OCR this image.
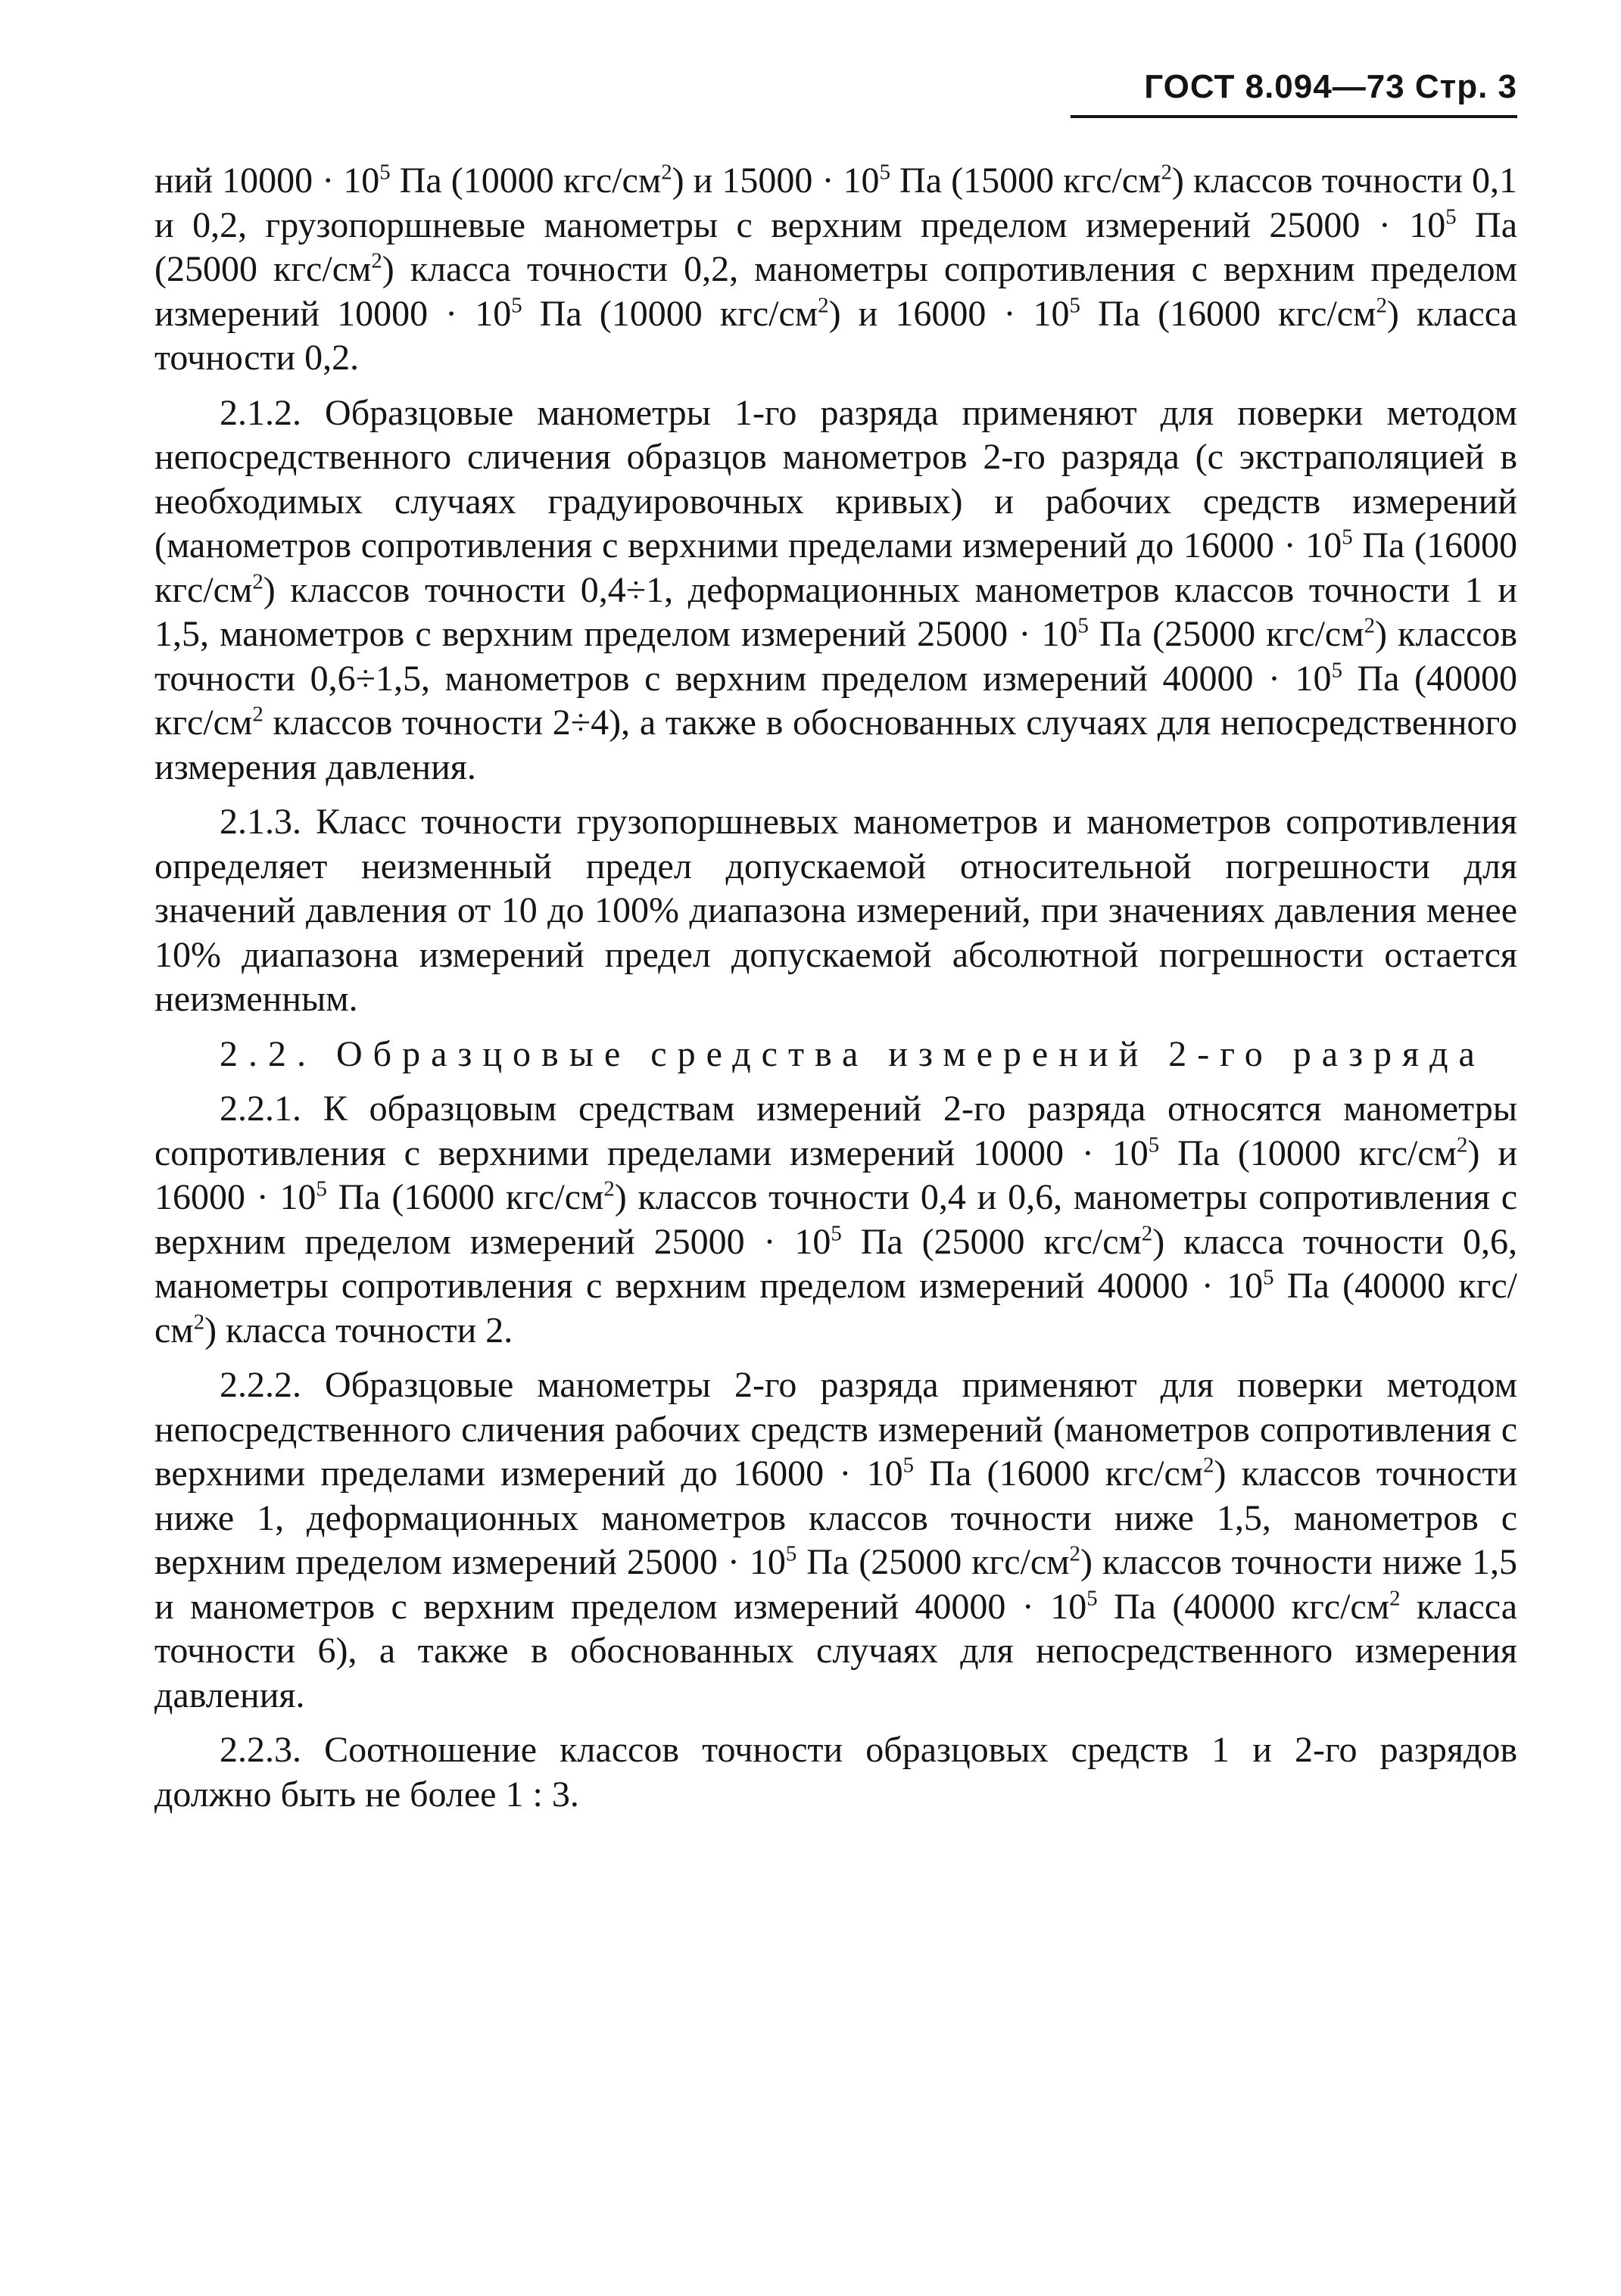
ГОСТ 8.094—73 Стр. 3

ний $10000 \cdot 10^5$ Па (10000 кгс/$см^2$) и $15000 \cdot 10^5$ Па (15000 кгс/$см^2$) классов точности 0,1 и 0,2, грузопоршневые манометры с верхним пределом измерений $25000 \cdot 10^5$ Па (25000 кгс/$см^2$) класса точности 0,2, манометры сопротивления с верхним пределом измерений $10000 \cdot 10^5$ Па (10000 кгс/$см^2$) и $16000 \cdot 10^5$ Па (16000 кгс/$см^2$) класса точности 0,2.

2.1.2. Образцовые манометры 1-го разряда применяют для поверки методом непосредственного сличения образцов манометров 2-го разряда (с экстраполяцией в необходимых случаях градуировочных кривых) и рабочих средств измерений (манометров сопротивления с верхними пределами измерений до $16000 \cdot 10^5$ Па (16000 кгс/$см^2$) классов точности 0,4÷1, деформационных манометров классов точности 1 и 1,5, манометров с верхним пределом измерений $25000 \cdot 10^5$ Па (25000 кгс/$см^2$) классов точности 0,6÷1,5, манометров с верхним пределом измерений $40000 \cdot 10^5$ Па (40000 кгс/$см^2$ классов точности 2÷4), а также в обоснованных случаях для непосредственного измерения давления.

2.1.3. Класс точности грузопоршневых манометров и манометров сопротивления определяет неизменный предел допускаемой относительной погрешности для значений давления от 10 до 100% диапазона измерений, при значениях давления менее 10% диапазона измерений предел допускаемой абсолютной погрешности остается неизменным.

2.2. Образцовые средства измерений 2-го разряда

2.2.1. К образцовым средствам измерений 2-го разряда относятся манометры сопротивления с верхними пределами измерений $10000 \cdot 10^5$ Па (10000 кгс/$см^2$) и $16000 \cdot 10^5$ Па (16000 кгс/$см^2$) классов точности 0,4 и 0,6, манометры сопротивления с верхним пределом измерений $25000 \cdot 10^5$ Па (25000 кгс/$см^2$) класса точности 0,6, манометры сопротивления с верхним пределом измерений $40000 \cdot 10^5$ Па (40000 кгс/$см^2$) класса точности 2.

2.2.2. Образцовые манометры 2-го разряда применяют для поверки методом непосредственного сличения рабочих средств измерений (манометров сопротивления с верхними пределами измерений до $16000 \cdot 10^5$ Па (16000 кгс/$см^2$) классов точности ниже 1, деформационных манометров классов точности ниже 1,5, манометров с верхним пределом измерений $25000 \cdot 10^5$ Па (25000 кгс/$см^2$) классов точности ниже 1,5 и манометров с верхним пределом измерений $40000 \cdot 10^5$ Па (40000 кгс/$см^2$ класса точности 6), а также в обоснованных случаях для непосредственного измерения давления.

2.2.3. Соотношение классов точности образцовых средств 1 и 2-го разрядов должно быть не более 1 : 3.
